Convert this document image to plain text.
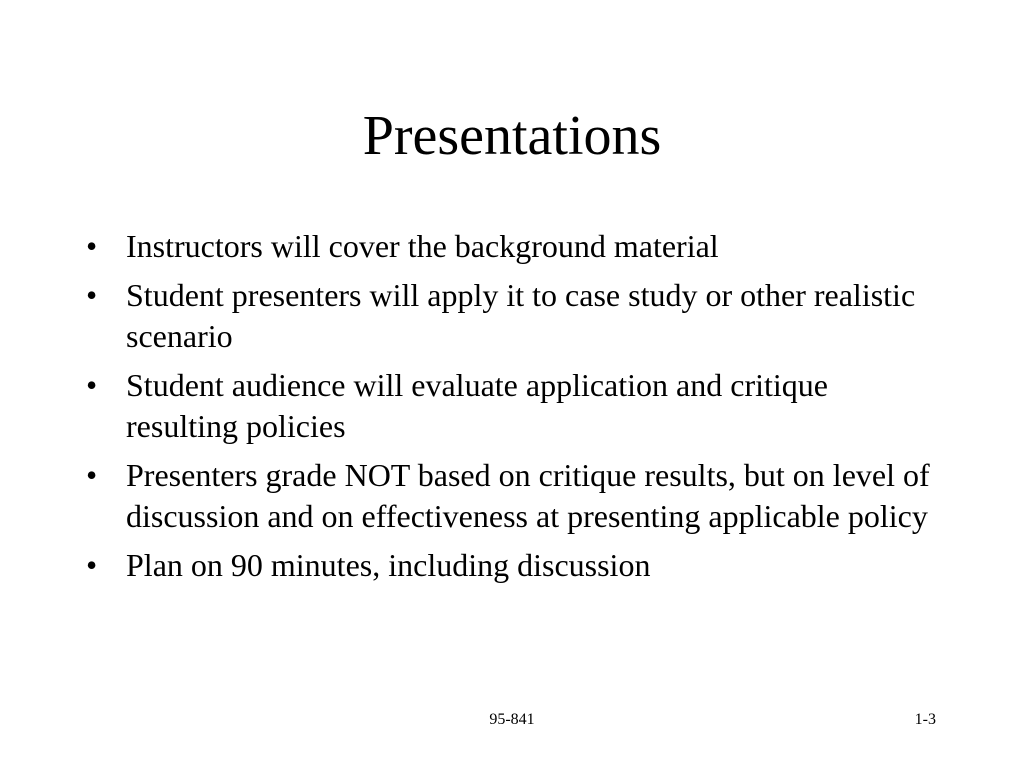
Presentations
• Instructors will cover the background material
• Student presenters will apply it to case study or other realistic scenario
• Student audience will evaluate application and critique resulting policies
• Presenters grade NOT based on critique results, but on level of discussion and on effectiveness at presenting applicable policy
• Plan on 90 minutes, including discussion
95-841	1-3
